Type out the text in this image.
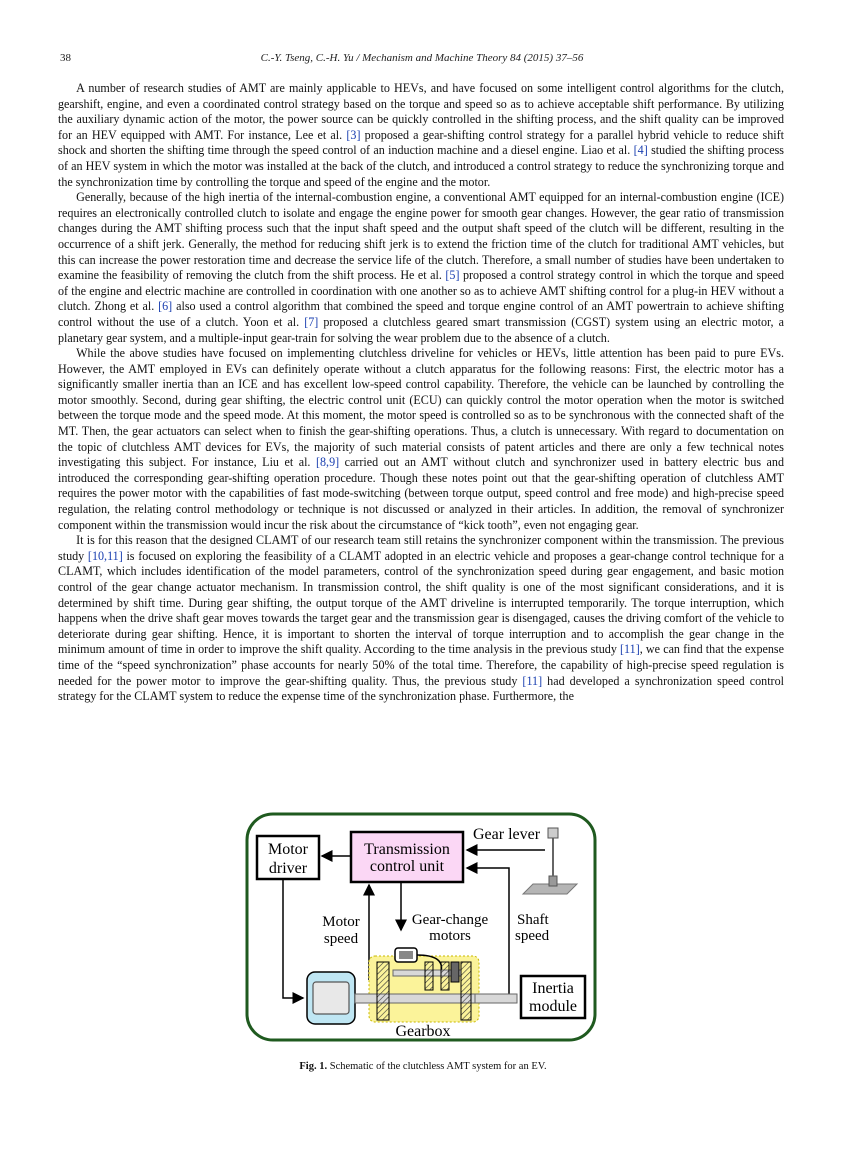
38	C.-Y. Tseng, C.-H. Yu / Mechanism and Machine Theory 84 (2015) 37–56

A number of research studies of AMT are mainly applicable to HEVs, and have focused on some intelligent control algorithms for the clutch, gearshift, engine, and even a coordinated control strategy based on the torque and speed so as to achieve acceptable shift performance. By utilizing the auxiliary dynamic action of the motor, the power source can be quickly controlled in the shifting process, and the shift quality can be improved for an HEV equipped with AMT. For instance, Lee et al. [3] proposed a gear-shifting control strategy for a parallel hybrid vehicle to reduce shift shock and shorten the shifting time through the speed control of an induction machine and a diesel engine. Liao et al. [4] studied the shifting process of an HEV system in which the motor was installed at the back of the clutch, and introduced a control strategy to reduce the synchronizing torque and the synchronization time by controlling the torque and speed of the engine and the motor.

Generally, because of the high inertia of the internal-combustion engine, a conventional AMT equipped for an internal-combustion engine (ICE) requires an electronically controlled clutch to isolate and engage the engine power for smooth gear changes. However, the gear ratio of transmission changes during the AMT shifting process such that the input shaft speed and the output shaft speed of the clutch will be different, resulting in the occurrence of a shift jerk. Generally, the method for reducing shift jerk is to extend the friction time of the clutch for traditional AMT vehicles, but this can increase the power restoration time and decrease the service life of the clutch. Therefore, a small number of studies have been undertaken to examine the feasibility of removing the clutch from the shift process. He et al. [5] proposed a control strategy control in which the torque and speed of the engine and electric machine are controlled in coordination with one another so as to achieve AMT shifting control for a plug-in HEV without a clutch. Zhong et al. [6] also used a control algorithm that combined the speed and torque engine control of an AMT powertrain to achieve shifting control without the use of a clutch. Yoon et al. [7] proposed a clutchless geared smart transmission (CGST) system using an electric motor, a planetary gear system, and a multiple-input gear-train for solving the wear problem due to the absence of a clutch.

While the above studies have focused on implementing clutchless driveline for vehicles or HEVs, little attention has been paid to pure EVs. However, the AMT employed in EVs can definitely operate without a clutch apparatus for the following reasons: First, the electric motor has a significantly smaller inertia than an ICE and has excellent low-speed control capability. Therefore, the vehicle can be launched by controlling the motor smoothly. Second, during gear shifting, the electric control unit (ECU) can quickly control the motor operation when the motor is switched between the torque mode and the speed mode. At this moment, the motor speed is controlled so as to be synchronous with the connected shaft of the MT. Then, the gear actuators can select when to finish the gear-shifting operations. Thus, a clutch is unnecessary. With regard to documentation on the topic of clutchless AMT devices for EVs, the majority of such material consists of patent articles and there are only a few technical notes investigating this subject. For instance, Liu et al. [8,9] carried out an AMT without clutch and synchronizer used in battery electric bus and introduced the corresponding gear-shifting operation procedure. Though these notes point out that the gear-shifting operation of clutchless AMT requires the power motor with the capabilities of fast mode-switching (between torque output, speed control and free mode) and high-precise speed regulation, the relating control methodology or technique is not discussed or analyzed in their articles. In addition, the removal of synchronizer component within the transmission would incur the risk about the circumstance of “kick tooth”, even not engaging gear.

It is for this reason that the designed CLAMT of our research team still retains the synchronizer component within the transmission. The previous study [10,11] is focused on exploring the feasibility of a CLAMT adopted in an electric vehicle and proposes a gear-change control technique for a CLAMT, which includes identification of the model parameters, control of the synchronization speed during gear engagement, and basic motion control of the gear change actuator mechanism. In transmission control, the shift quality is one of the most significant considerations, and it is determined by shift time. During gear shifting, the output torque of the AMT driveline is interrupted temporarily. The torque interruption, which happens when the drive shaft gear moves towards the target gear and the transmission gear is disengaged, causes the driving comfort of the vehicle to deteriorate during gear shifting. Hence, it is important to shorten the interval of torque interruption and to accomplish the gear change in the minimum amount of time in order to improve the shift quality. According to the time analysis in the previous study [11], we can find that the expense time of the “speed synchronization” phase accounts for nearly 50% of the total time. Therefore, the capability of high-precise speed regulation is needed for the power motor to improve the gear-shifting quality. Thus, the previous study [11] had developed a synchronization speed control strategy for the CLAMT system to reduce the expense time of the synchronization phase. Furthermore, the

Motor
driver
Transmission
control unit
Gear lever
Motor
speed
Gear-change
motors
Shaft
speed
Inertia
module
Gearbox
Fig. 1. Schematic of the clutchless AMT system for an EV.
